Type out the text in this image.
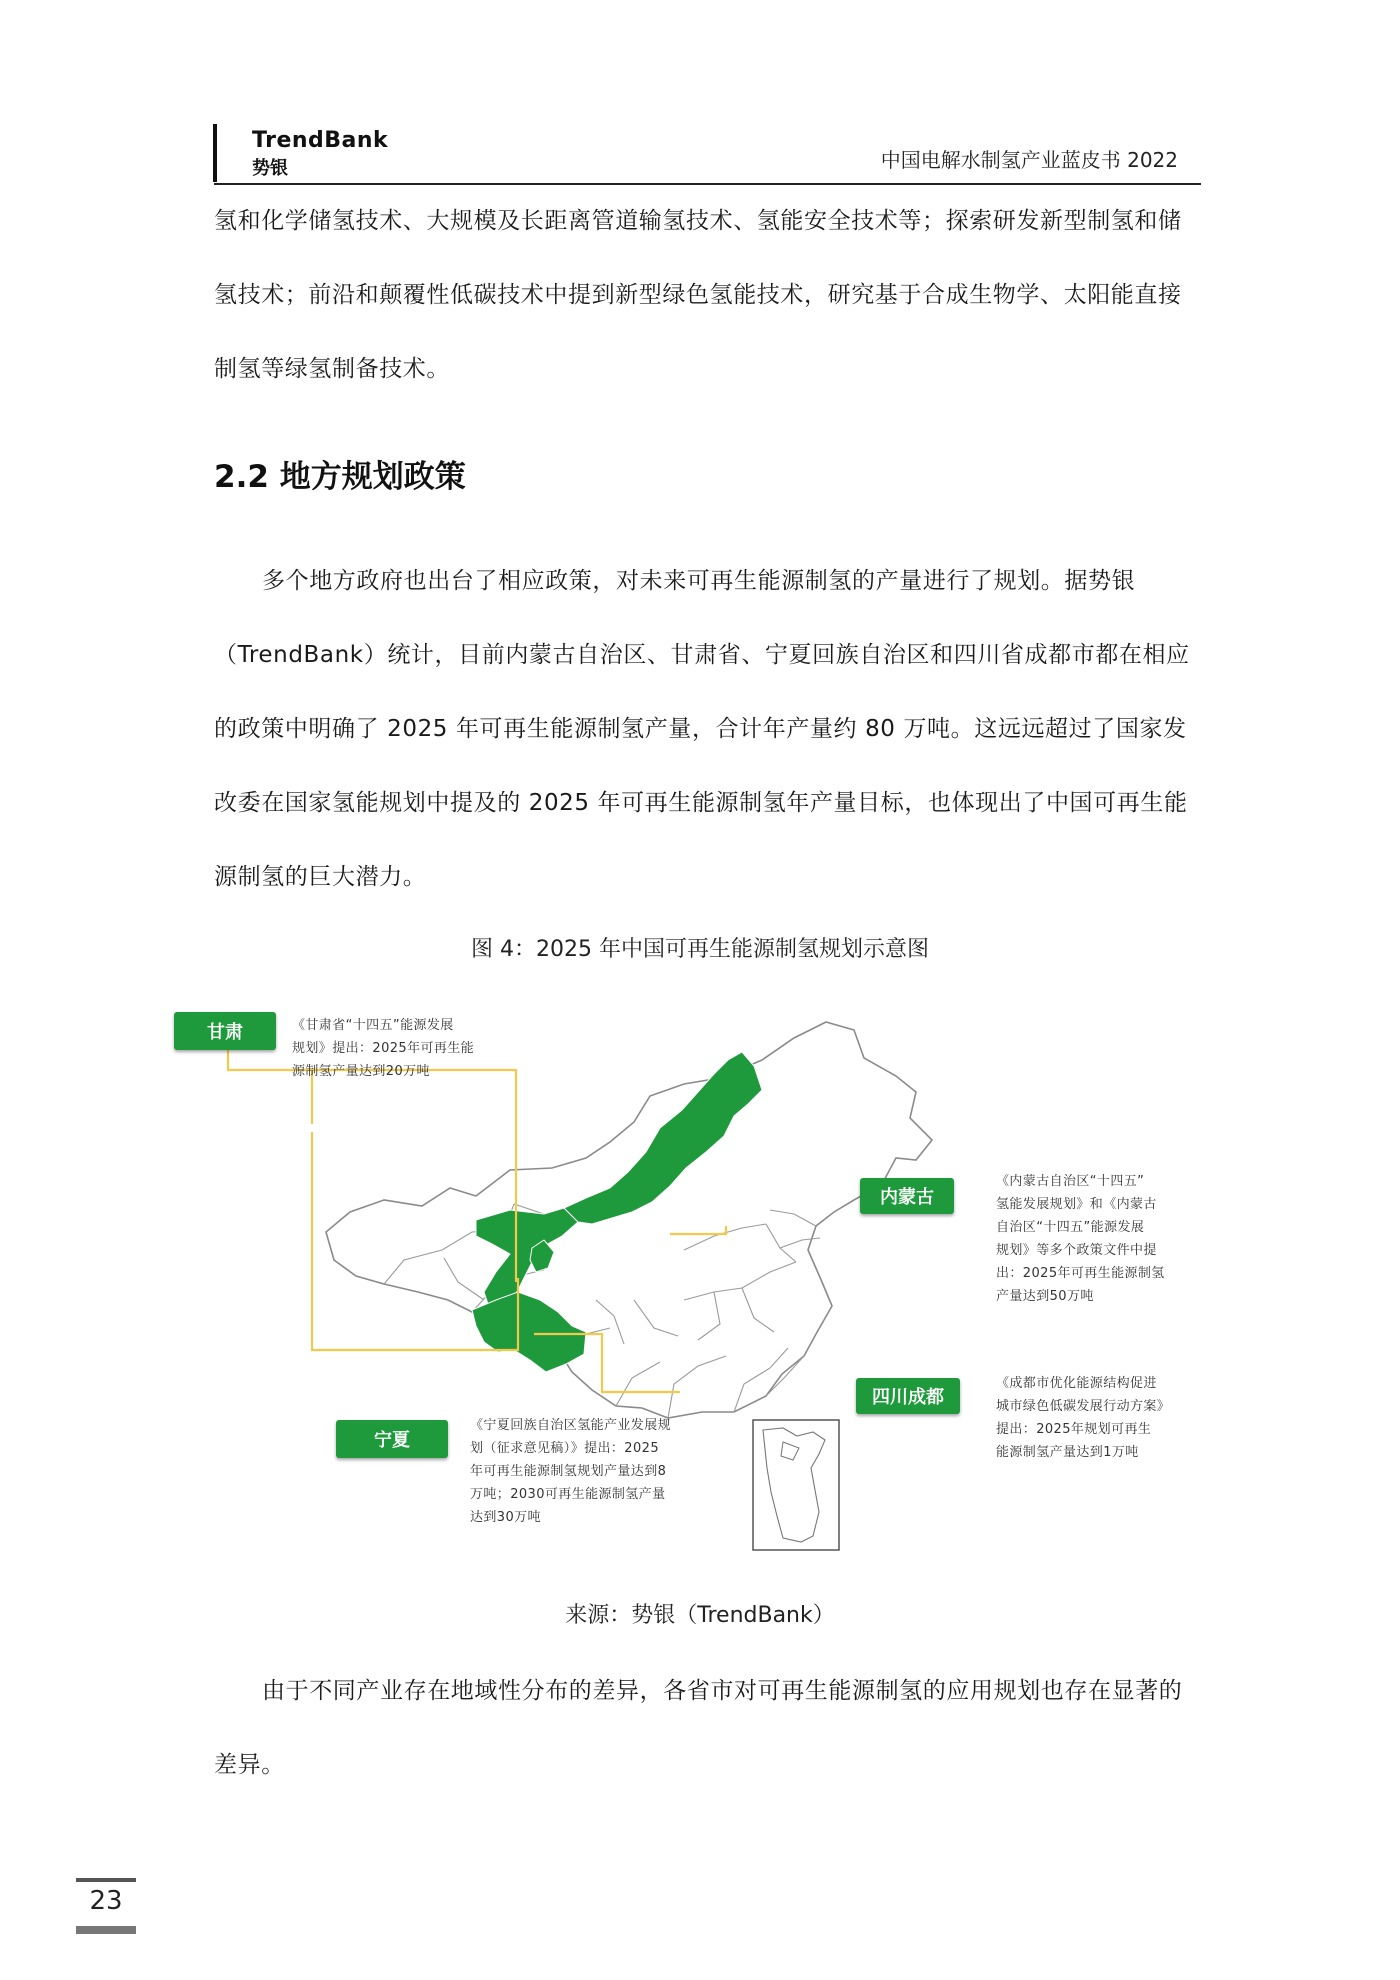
TrendBank
势银	中国电解水制氢产业蓝皮书 2022
氢和化学储氢技术、大规模及长距离管道输氢技术、氢能安全技术等；探索研发新型制氢和储氢技术；前沿和颠覆性低碳技术中提到新型绿色氢能技术，研究基于合成生物学、太阳能直接制氢等绿氢制备技术。
2.2 地方规划政策
多个地方政府也出台了相应政策，对未来可再生能源制氢的产量进行了规划。据势银（TrendBank）统计，目前内蒙古自治区、甘肃省、宁夏回族自治区和四川省成都市都在相应的政策中明确了 2025 年可再生能源制氢产量，合计年产量约 80 万吨。这远远超过了国家发改委在国家氢能规划中提及的 2025 年可再生能源制氢年产量目标，也体现出了中国可再生能源制氢的巨大潜力。
图 4：2025 年中国可再生能源制氢规划示意图
甘肃	《甘肃省“十四五”能源发展
规划》提出：2025年可再生能
源制氢产量达到20万吨
内蒙古
《内蒙古自治区“十四五”
氢能发展规划》和《内蒙古
自治区“十四五”能源发展
规划》等多个政策文件中提
出：2025年可再生能源制氢
产量达到50万吨
四川成都
《成都市优化能源结构促进
城市绿色低碳发展行动方案》
提出：2025年规划可再生
能源制氢产量达到1万吨
宁夏
《宁夏回族自治区氢能产业发展规
划（征求意见稿）》提出：2025
年可再生能源制氢规划产量达到8
万吨；2030可再生能源制氢产量
达到30万吨
来源：势银（TrendBank）
由于不同产业存在地域性分布的差异，各省市对可再生能源制氢的应用规划也存在显著的差异。
23
